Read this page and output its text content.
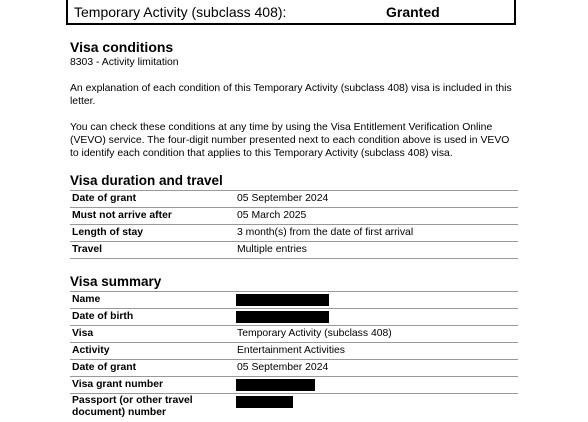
Temporary Activity (subclass 408):	Granted
Visa conditions
8303 - Activity limitation
An explanation of each condition of this Temporary Activity (subclass 408) visa is included in this letter.
You can check these conditions at any time by using the Visa Entitlement Verification Online (VEVO) service. The four-digit number presented next to each condition above is used in VEVO to identify each condition that applies to this Temporary Activity (subclass 408) visa.
Visa duration and travel
Date of grant	05 September 2024
Must not arrive after	05 March 2025
Length of stay	3 month(s) from the date of first arrival
Travel	Multiple entries
Visa summary
Name
Date of birth
Visa	Temporary Activity (subclass 408)
Activity	Entertainment Activities
Date of grant	05 September 2024
Visa grant number
Passport (or other travel document) number
